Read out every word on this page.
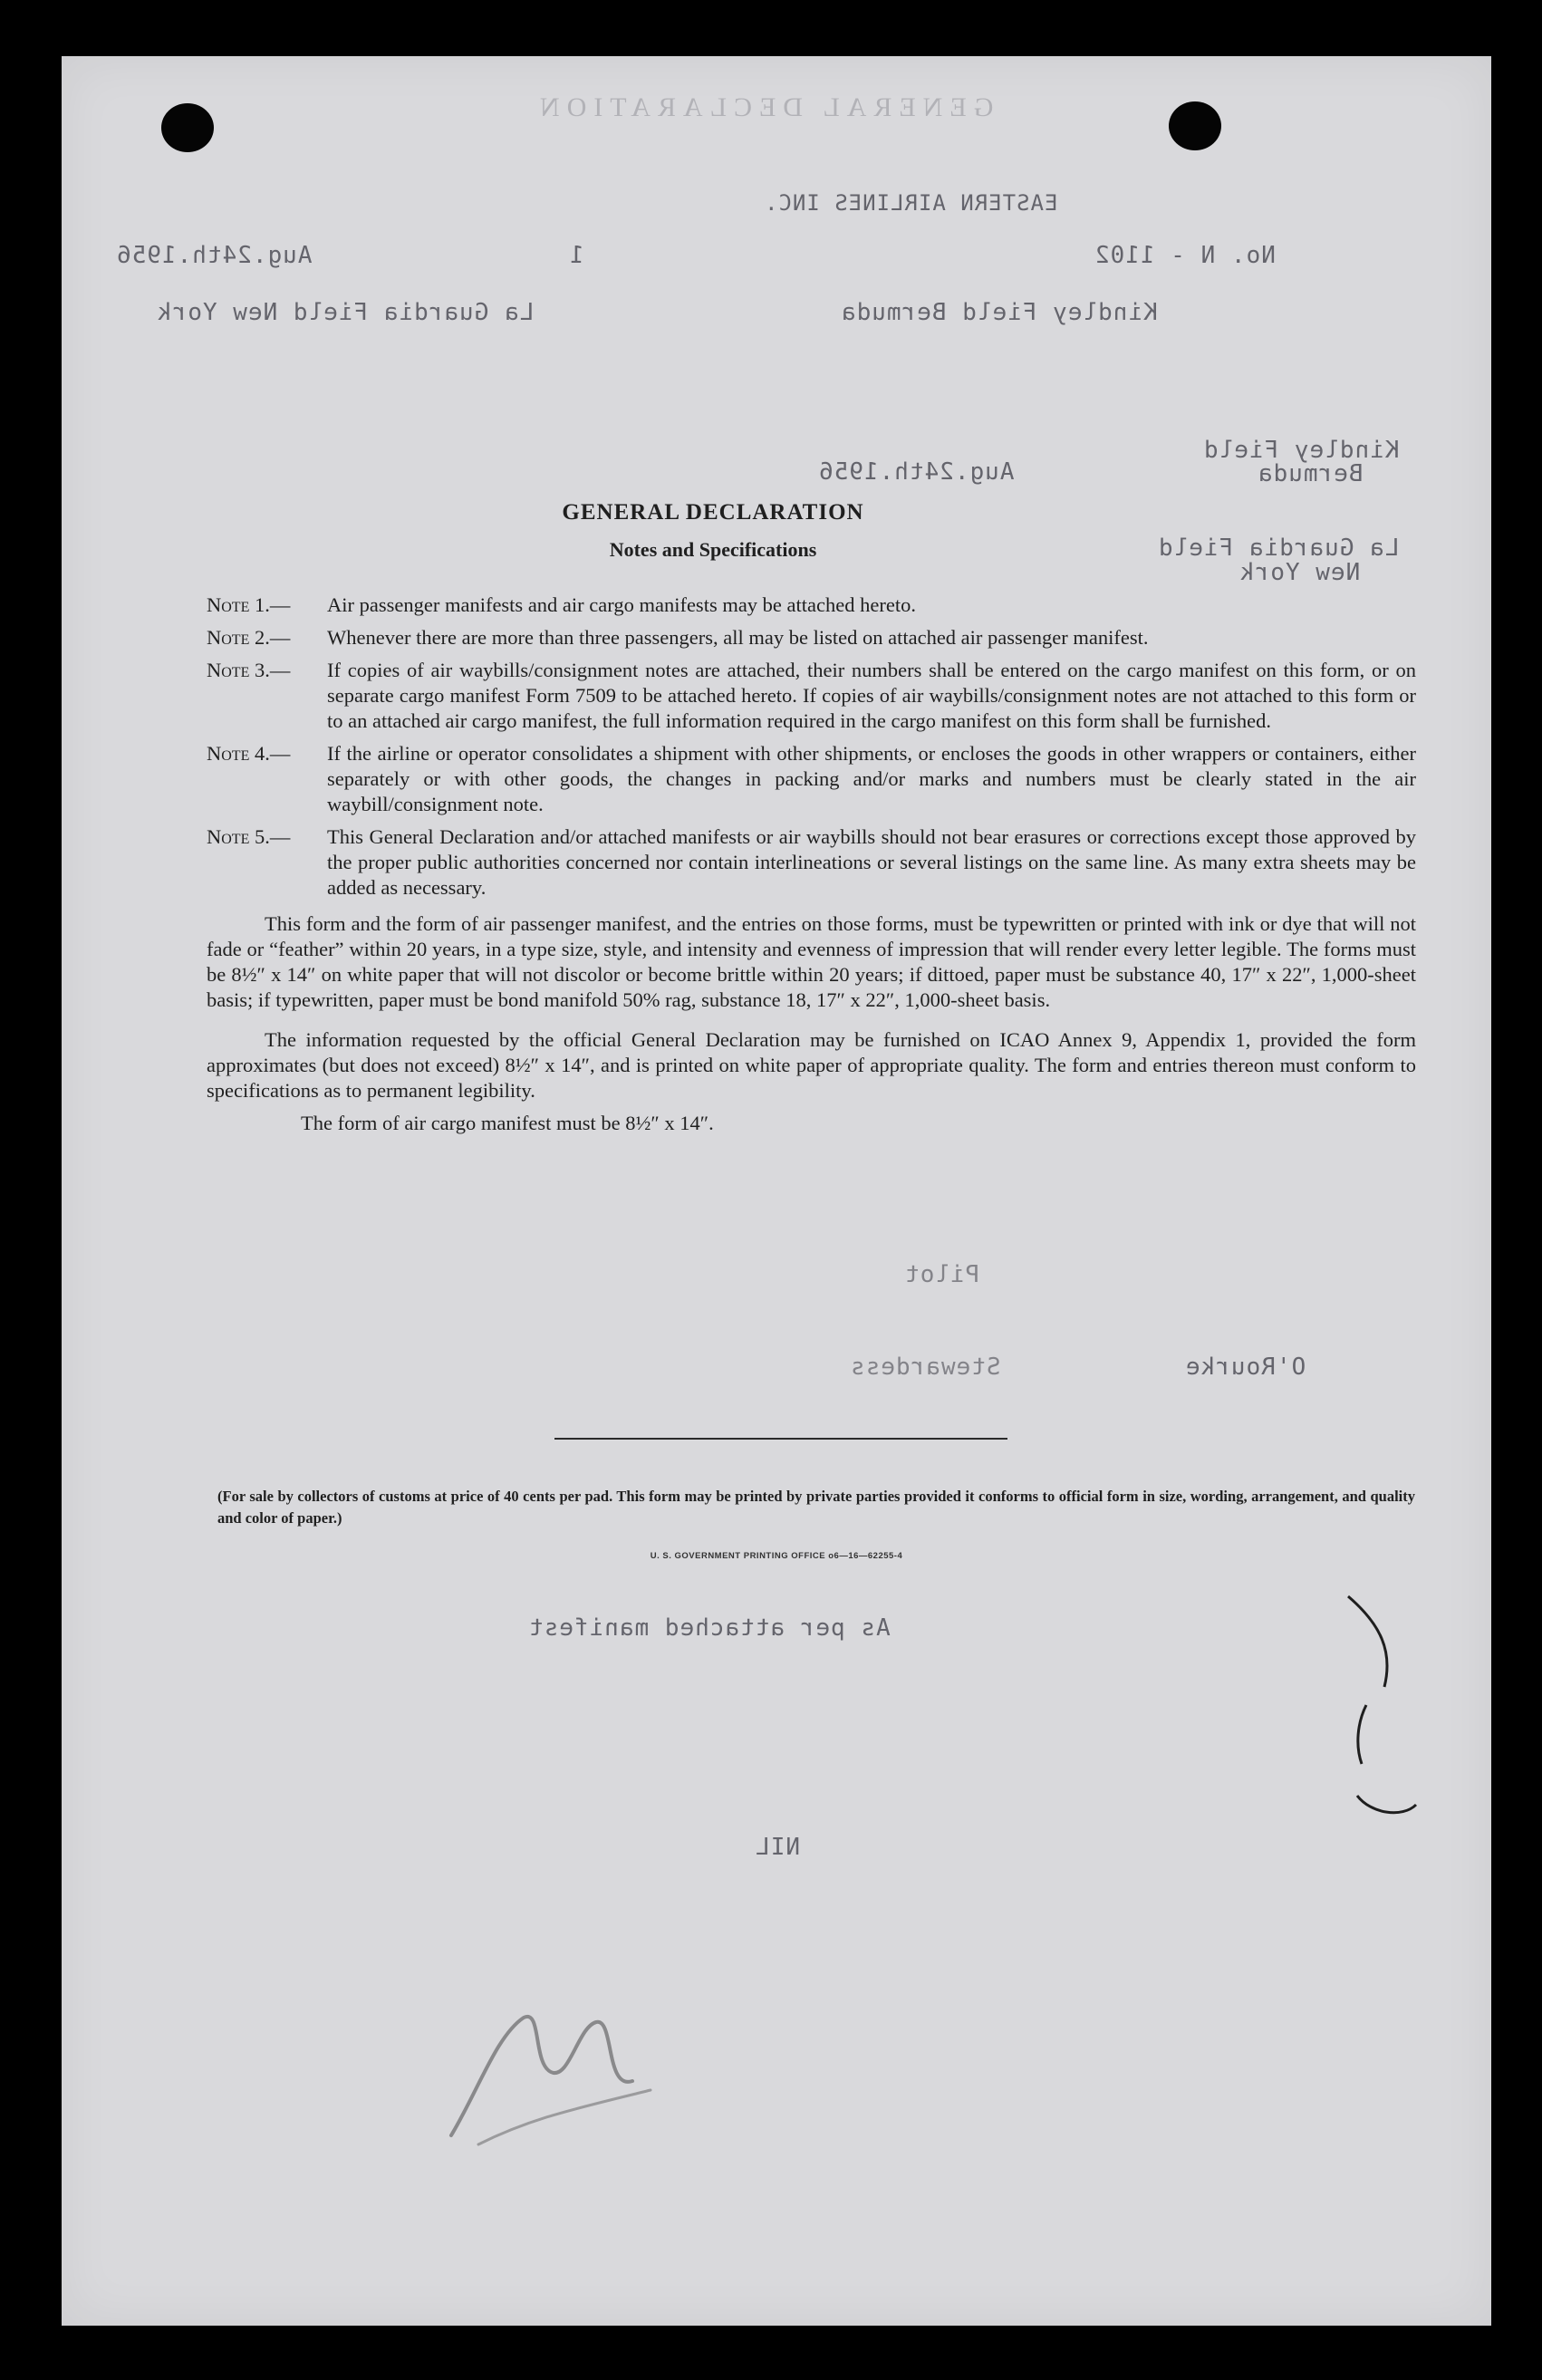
GENERAL DECLARATION
EASTERN AIRLINES INC.
No. N - 1102
1
Aug.24th.1956
Kindley Field Bermuda
La Guardia Field New York
Kindley Field
Bermuda
Aug.24th.1956
La Guardia Field
New York
O'Rourke
Stewardess
Pilot
As per attached manifest
NIL
GENERAL DECLARATION
Notes and Specifications
Note 1.—	Air passenger manifests and air cargo manifests may be attached hereto.
Note 2.—	Whenever there are more than three passengers, all may be listed on attached air passenger manifest.
Note 3.—	If copies of air waybills/consignment notes are attached, their numbers shall be entered on the cargo manifest on this form, or on separate cargo manifest Form 7509 to be attached hereto. If copies of air waybills/consignment notes are not attached to this form or to an attached air cargo manifest, the full information required in the cargo manifest on this form shall be furnished.
Note 4.—	If the airline or operator consolidates a shipment with other shipments, or encloses the goods in other wrappers or containers, either separately or with other goods, the changes in packing and/or marks and numbers must be clearly stated in the air waybill/consignment note.
Note 5.—	This General Declaration and/or attached manifests or air waybills should not bear erasures or corrections except those approved by the proper public authorities concerned nor contain interlineations or several listings on the same line. As many extra sheets may be added as necessary.

This form and the form of air passenger manifest, and the entries on those forms, must be typewritten or printed with ink or dye that will not fade or “feather” within 20 years, in a type size, style, and intensity and evenness of impression that will render every letter legible. The forms must be 8½″ x 14″ on white paper that will not discolor or become brittle within 20 years; if dittoed, paper must be substance 40, 17″ x 22″, 1,000-sheet basis; if typewritten, paper must be bond manifold 50% rag, substance 18, 17″ x 22″, 1,000-sheet basis.

The information requested by the official General Declaration may be furnished on ICAO Annex 9, Appendix 1, provided the form approximates (but does not exceed) 8½″ x 14″, and is printed on white paper of appropriate quality. The form and entries thereon must conform to specifications as to permanent legibility.

The form of air cargo manifest must be 8½″ x 14″.

(For sale by collectors of customs at price of 40 cents per pad. This form may be printed by private parties provided it conforms to official form in size, wording, arrangement, and quality and color of paper.)
U. S. GOVERNMENT PRINTING OFFICE o6—16—62255-4
